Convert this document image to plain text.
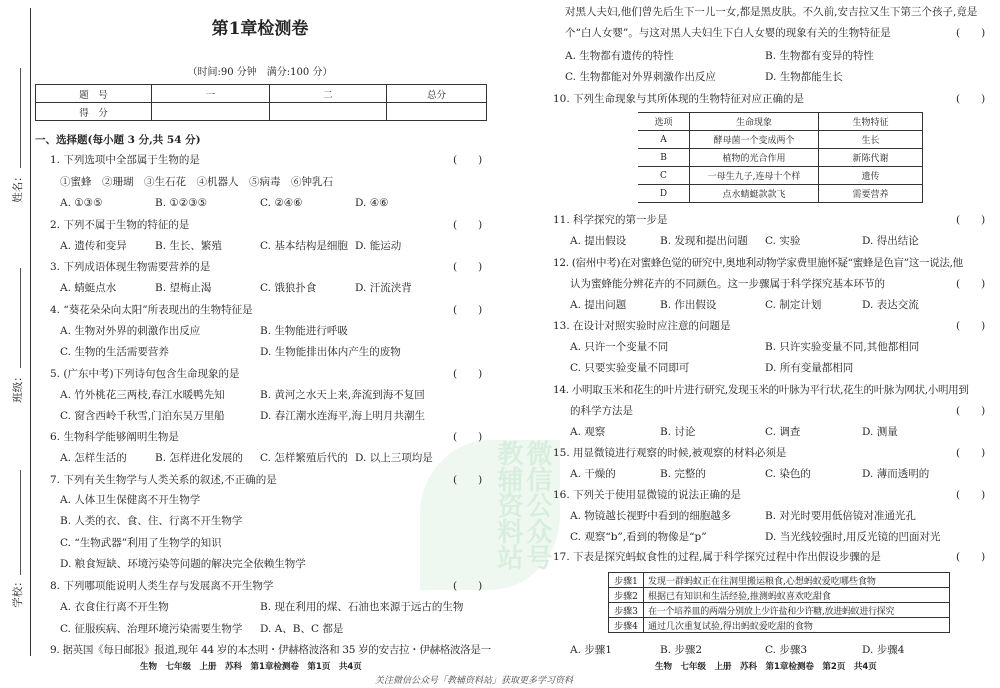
微信公众号
教辅资料站
姓名：
班级：
学校：
第1章检测卷
（时间:90 分钟　满分:100 分）
题　号	一	二	总分
得　分			
一、选择题(每小题 3 分,共 54 分)
1. 下列选项中全部属于生物的是	(　　)
①蜜蜂　②珊瑚　③生石花　④机器人　⑤病毒　⑥钟乳石
A. ①③⑤	B. ①②③⑤	C. ②④⑥	D. ④⑥
2. 下列不属于生物的特征的是	(　　)
A. 遗传和变异	B. 生长、繁殖	C. 基本结构是细胞 D. 能运动
3. 下列成语体现生物需要营养的是	(　　)
A. 蜻蜓点水	B. 望梅止渴	C. 饿狼扑食	D. 汗流浃背
4. “葵花朵朵向太阳”所表现出的生物特征是	(　　)
A. 生物对外界的刺激作出反应	B. 生物能进行呼吸
C. 生物的生活需要营养	D. 生物能排出体内产生的废物
5. (广东中考)下列诗句包含生命现象的是	(　　)
A. 竹外桃花三两枝,春江水暖鸭先知	B. 黄河之水天上来,奔流到海不复回
C. 窗含西岭千秋雪,门泊东吴万里船	D. 春江潮水连海平,海上明月共潮生
6. 生物科学能够阐明生物是	(　　)
A. 怎样生活的	B. 怎样进化发展的 C. 怎样繁殖后代的 D. 以上三项均是
7. 下列有关生物学与人类关系的叙述,不正确的是	(　　)
A. 人体卫生保健离不开生物学
B. 人类的衣、食、住、行离不开生物学
C. “生物武器”利用了生物学的知识
D. 粮食短缺、环境污染等问题的解决完全依赖生物学
8. 下列哪项能说明人类生存与发展离不开生物学	(　　)
A. 衣食住行离不开生物	B. 现在利用的煤、石油也来源于远古的生物
C. 征服疾病、治理环境污染需要生物学 D. A、B、C 都是
9. 据英国《每日邮报》报道,现年 44 岁的本杰明・伊赫格波洛和 35 岁的安吉拉・伊赫格波洛是一
生物　七年级　上册　苏科　第1章检测卷　第1页　共4页
对黑人夫妇,他们曾先后生下一儿一女,都是黑皮肤。不久前,安吉拉又生下第三个孩子,竟是
个“白人女婴”。与这对黑人夫妇生下白人女婴的现象有关的生物特征是	(　　)
A. 生物都有遗传的特性	B. 生物都有变异的特性
C. 生物都能对外界刺激作出反应	D. 生物都能生长
10. 下列生命现象与其所体现的生物特征对应正确的是	(　　)
选项	生命现象	生物特征
A	酵母菌一个变成两个	生长
B	植物的光合作用	新陈代谢
C	一母生九子,连母十个样	遗传
D	点水蜻蜓款款飞	需要营养
11. 科学探究的第一步是	(　　)
A. 提出假设	B. 发现和提出问题 C. 实验	D. 得出结论
12. (宿州中考)在对蜜蜂色觉的研究中,奥地利动物学家费里施怀疑“蜜蜂是色盲”这一说法,他
认为蜜蜂能分辨花卉的不同颜色。这一步骤属于科学探究基本环节的	(　　)
A. 提出问题	B. 作出假设	C. 制定计划	D. 表达交流
13. 在设计对照实验时应注意的问题是	(　　)
A. 只许一个变量不同	B. 只许实验变量不同,其他都相同
C. 只要实验变量不同即可	D. 所有变量都相同
14. 小明取玉米和花生的叶片进行研究,发现玉米的叶脉为平行状,花生的叶脉为网状,小明用到
的科学方法是	(　　)
A. 观察	B. 讨论	C. 调查	D. 测量
15. 用显微镜进行观察的时候,被观察的材料必须是	(　　)
A. 干燥的	B. 完整的	C. 染色的	D. 薄而透明的
16. 下列关于使用显微镜的说法正确的是	(　　)
A. 物镜越长视野中看到的细胞越多	B. 对光时要用低倍镜对准通光孔
C. 观察“b”,看到的物像是“p”	D. 当光线较强时,用反光镜的凹面对光
17. 下表是探究蚂蚁食性的过程,属于科学探究过程中作出假设步骤的是	(　　)
步骤1	发现一群蚂蚁正在往洞里搬运粮食,心想蚂蚁爱吃哪些食物
步骤2	根据已有知识和生活经验,推测蚂蚁喜欢吃甜食
步骤3	在一个培养皿的两端分别放上少许盐和少许糖,放进蚂蚁进行探究
步骤4	通过几次重复试验,得出蚂蚁爱吃甜的食物
A. 步骤1	B. 步骤2	C. 步骤3	D. 步骤4
生物　七年级　上册　苏科　第1章检测卷　第2页　共4页
关注微信公众号「教辅资料站」获取更多学习资料
